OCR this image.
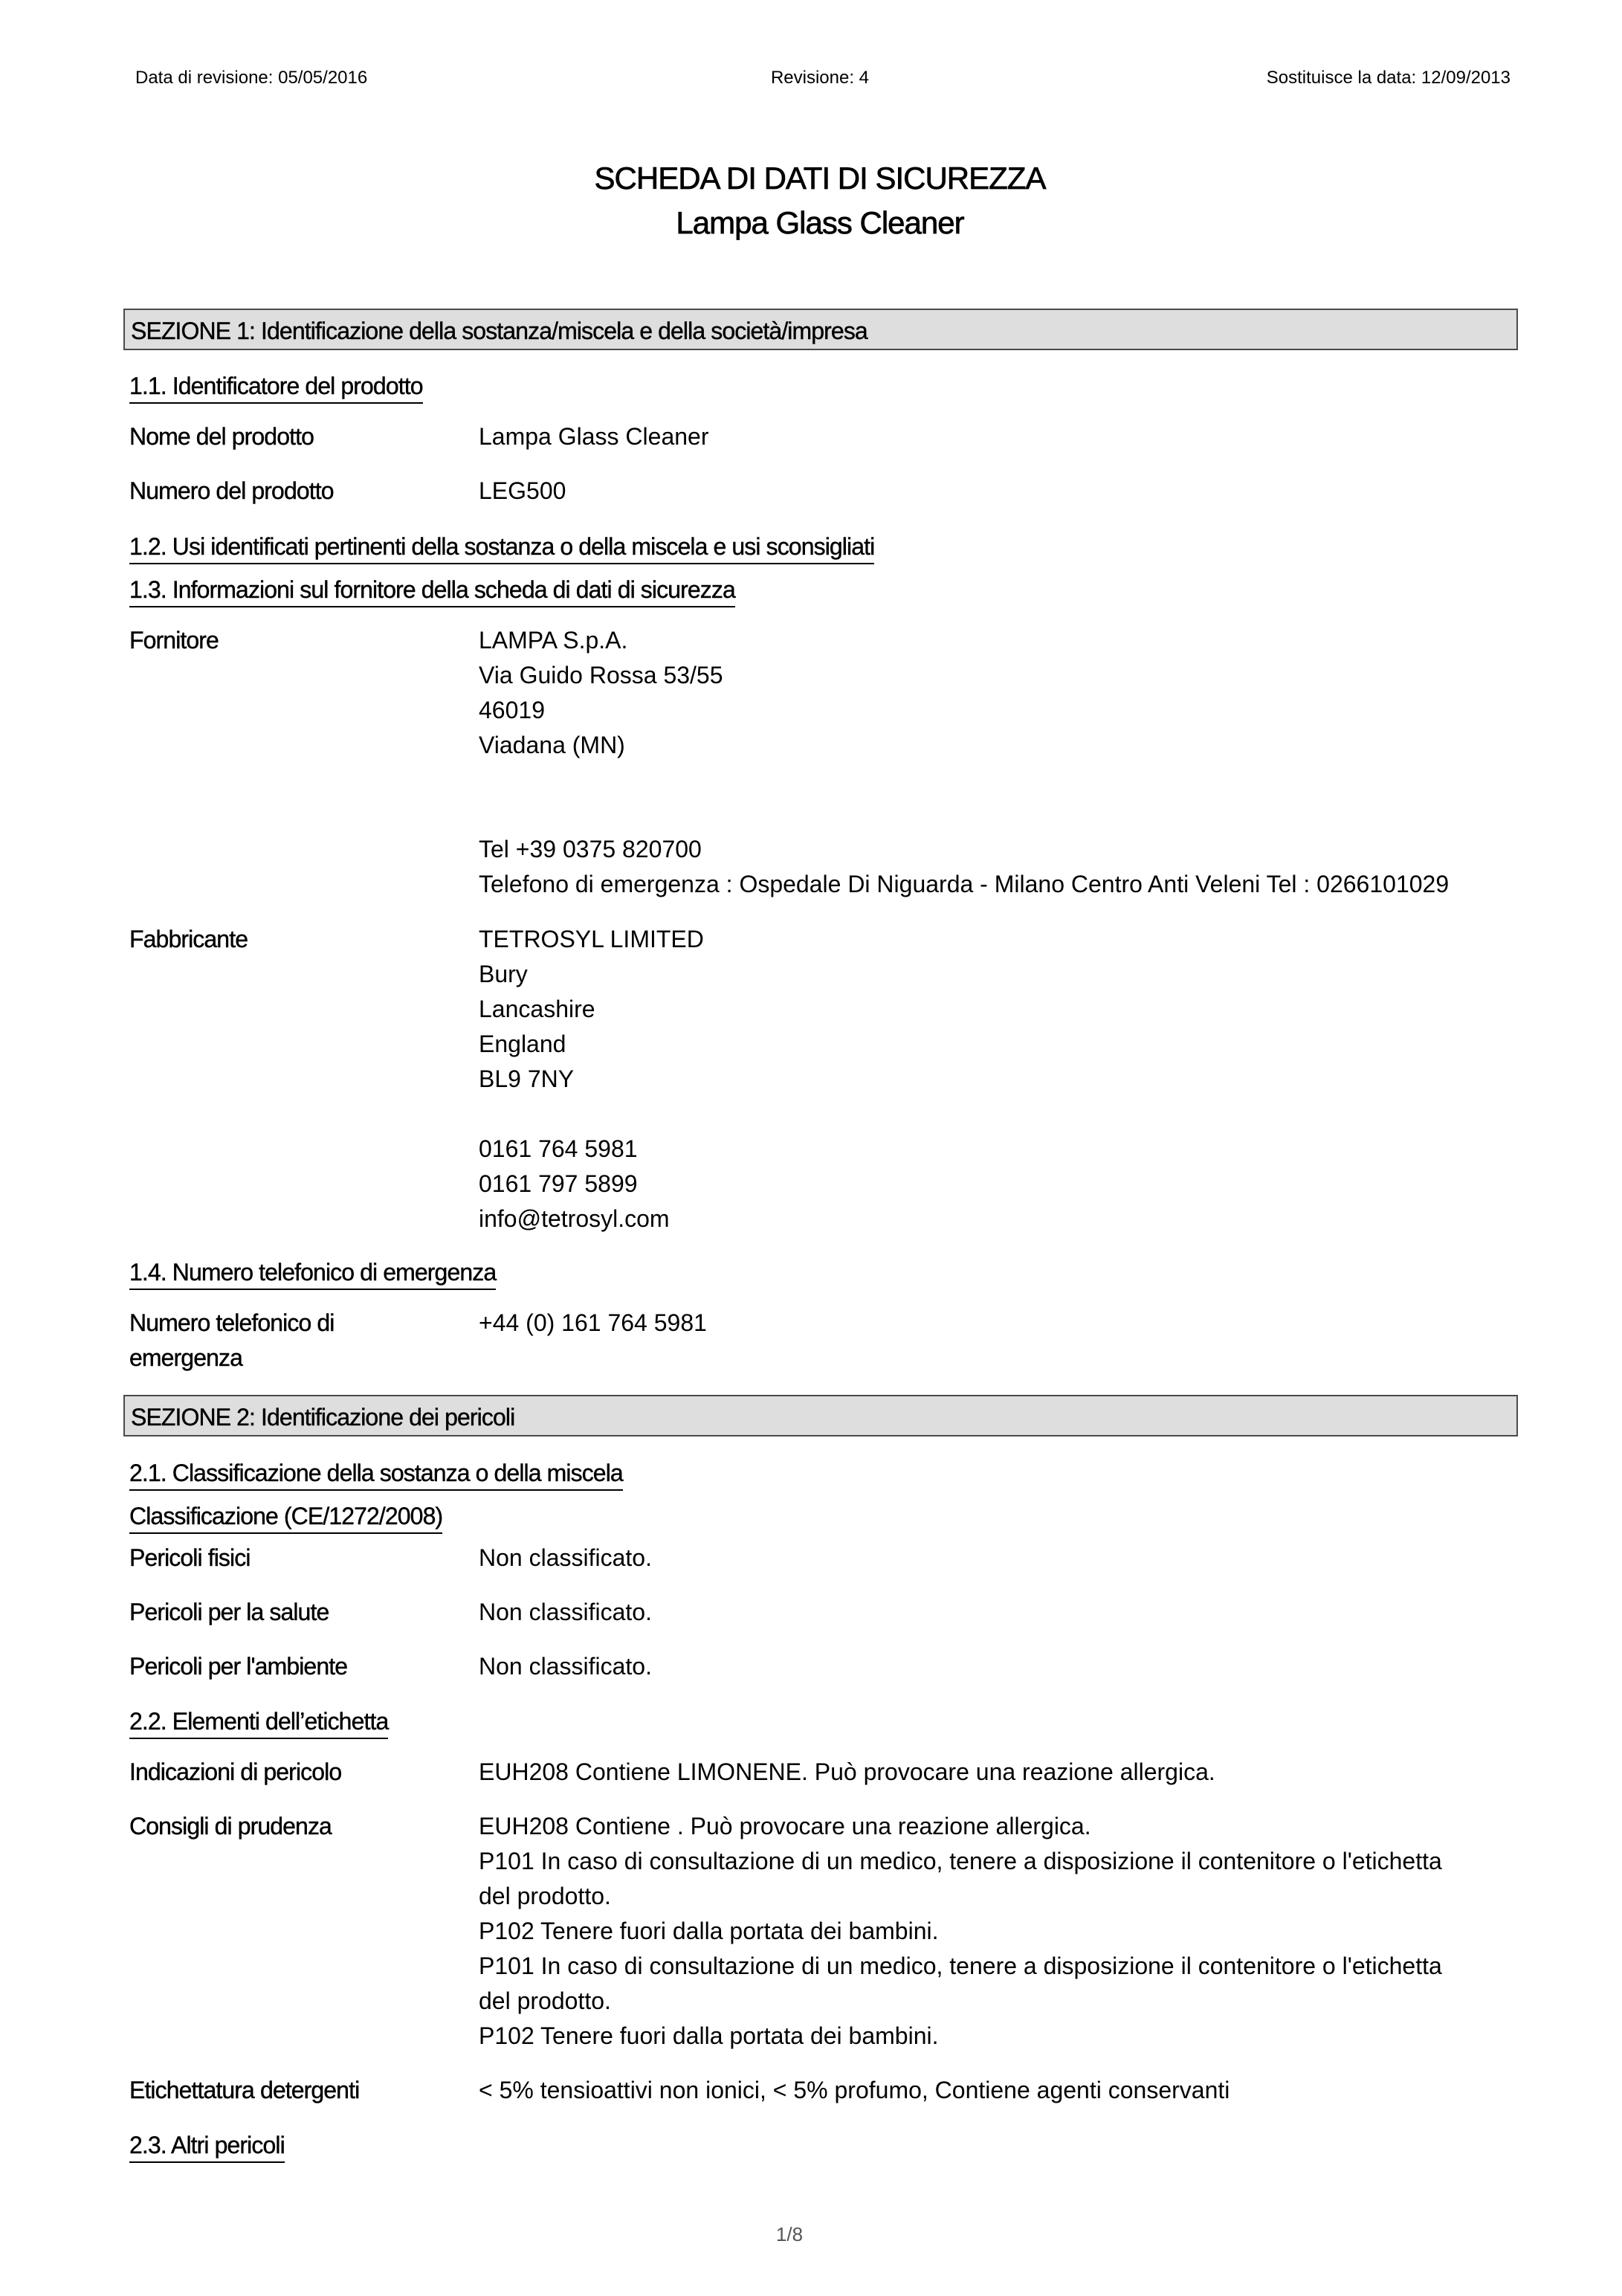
Data di revisione: 05/05/2016	Revisione: 4	Sostituisce la data: 12/09/2013
SCHEDA DI DATI DI SICUREZZA
Lampa Glass Cleaner
SEZIONE 1: Identificazione della sostanza/miscela e della società/impresa
1.1. Identificatore del prodotto
Nome del prodotto	Lampa Glass Cleaner
Numero del prodotto	LEG500
1.2. Usi identificati pertinenti della sostanza o della miscela e usi sconsigliati
1.3. Informazioni sul fornitore della scheda di dati di sicurezza
Fornitore	LAMPA S.p.A.
Via Guido Rossa 53/55
46019
Viadana (MN)
Tel +39 0375 820700
Telefono di emergenza : Ospedale Di Niguarda - Milano Centro Anti Veleni Tel : 0266101029
Fabbricante	TETROSYL LIMITED
Bury
Lancashire
England
BL9 7NY

0161 764 5981
0161 797 5899
info@tetrosyl.com
1.4. Numero telefonico di emergenza
Numero telefonico di
emergenza
+44 (0) 161 764 5981
SEZIONE 2: Identificazione dei pericoli
2.1. Classificazione della sostanza o della miscela
Classificazione (CE/1272/2008)
Pericoli fisici	Non classificato.
Pericoli per la salute	Non classificato.
Pericoli per l'ambiente	Non classificato.
2.2. Elementi dell’etichetta
Indicazioni di pericolo	EUH208 Contiene LIMONENE. Può provocare una reazione allergica.
Consigli di prudenza	EUH208 Contiene . Può provocare una reazione allergica.
P101 In caso di consultazione di un medico, tenere a disposizione il contenitore o l'etichetta
del prodotto.
P102 Tenere fuori dalla portata dei bambini.
P101 In caso di consultazione di un medico, tenere a disposizione il contenitore o l'etichetta
del prodotto.
P102 Tenere fuori dalla portata dei bambini.
Etichettatura detergenti	< 5% tensioattivi non ionici, < 5% profumo, Contiene agenti conservanti
2.3. Altri pericoli
1/8
